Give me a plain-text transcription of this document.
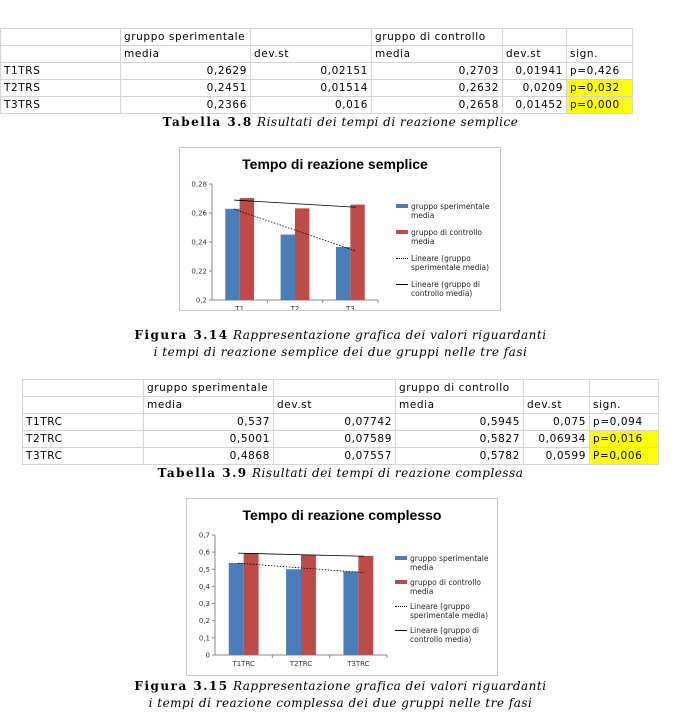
	gruppo sperimentale		gruppo di controllo		
	media	dev.st	media	dev.st	sign.
T1TRS	0,2629	0,02151	0,2703	0,01941	p=0,426
T2TRS	0,2451	0,01514	0,2632	0,0209	p=0,032
T3TRS	0,2366	0,016	0,2658	0,01452	p=0,000
Tabella 3.8 Risultati dei tempi di reazione semplice
Tempo di reazione semplice
0,2
0,22
0,24
0,26
0,28
T1	T2	T3
gruppo sperimentale media
gruppo di controllo media
Lineare (gruppo sperimentale media)
Lineare (gruppo di controllo media)
Figura 3.14 Rappresentazione grafica dei valori riguardanti
i tempi di reazione semplice dei due gruppi nelle tre fasi
	gruppo sperimentale		gruppo di controllo		
	media	dev.st	media	dev.st	sign.
T1TRC	0,537	0,07742	0,5945	0,075	p=0,094
T2TRC	0,5001	0,07589	0,5827	0,06934	p=0,016
T3TRC	0,4868	0,07557	0,5782	0,0599	P=0,006
Tabella 3.9 Risultati dei tempi di reazione complessa
Tempo di reazione complesso
0
0,1
0,2
0,3
0,4
0,5
0,6
0,7
T1TRC	T2TRC	T3TRC
gruppo sperimentale media
gruppo di controllo media
Lineare (gruppo sperimentale media)
Lineare (gruppo di controllo media)
Figura 3.15 Rappresentazione grafica dei valori riguardanti
i tempi di reazione complessa dei due gruppi nelle tre fasi
